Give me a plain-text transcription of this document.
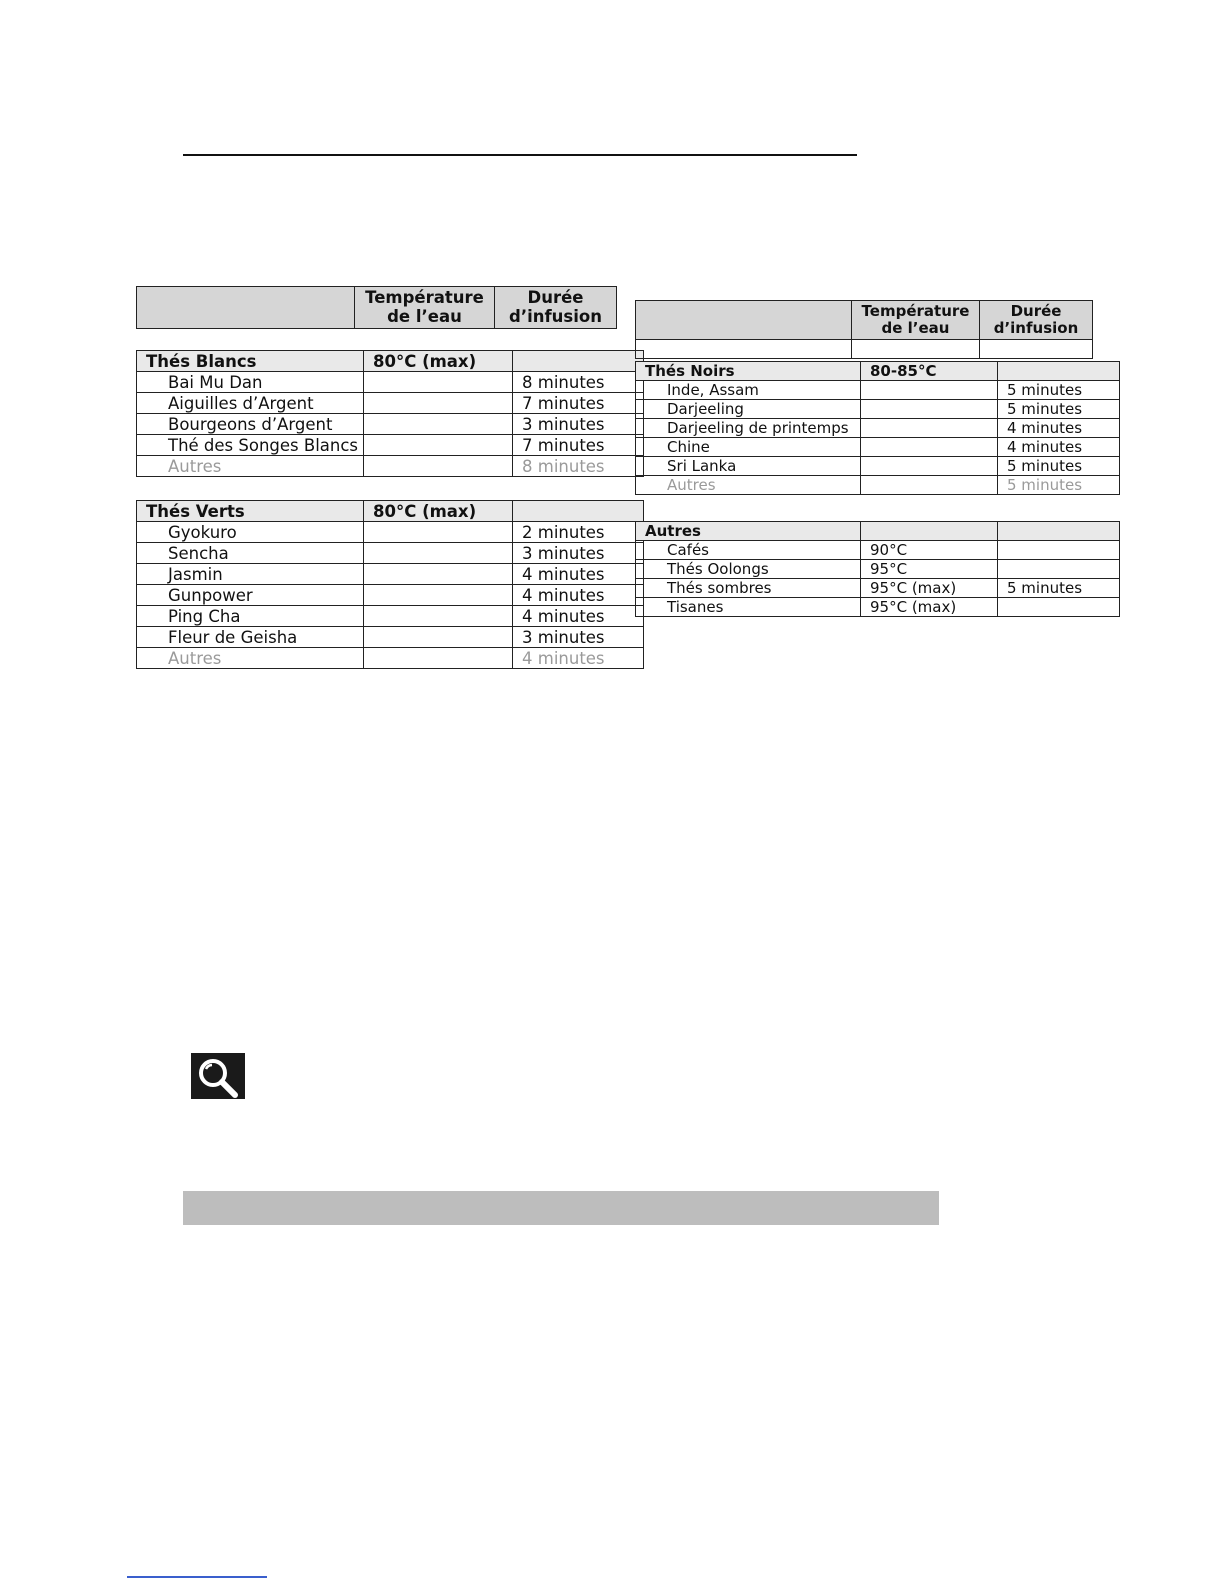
	Température de l’eau	Durée d’infusion
Thés Blancs	80°C (max)	
Bai Mu Dan		8 minutes
Aiguilles d’Argent		7 minutes
Bourgeons d’Argent		3 minutes
Thé des Songes Blancs		7 minutes
Autres		8 minutes
Thés Verts	80°C (max)	
Gyokuro		2 minutes
Sencha		3 minutes
Jasmin		4 minutes
Gunpower		4 minutes
Ping Cha		4 minutes
Fleur de Geisha		3 minutes
Autres		4 minutes
	Température de l’eau	Durée d’infusion

Thés Noirs	80-85°C	
Inde, Assam		5 minutes
Darjeeling		5 minutes
Darjeeling de printemps		4 minutes
Chine		4 minutes
Sri Lanka		5 minutes
Autres		5 minutes
Autres		
Cafés	90°C	
Thés Oolongs	95°C	
Thés sombres	95°C (max)	5 minutes
Tisanes	95°C (max)	
